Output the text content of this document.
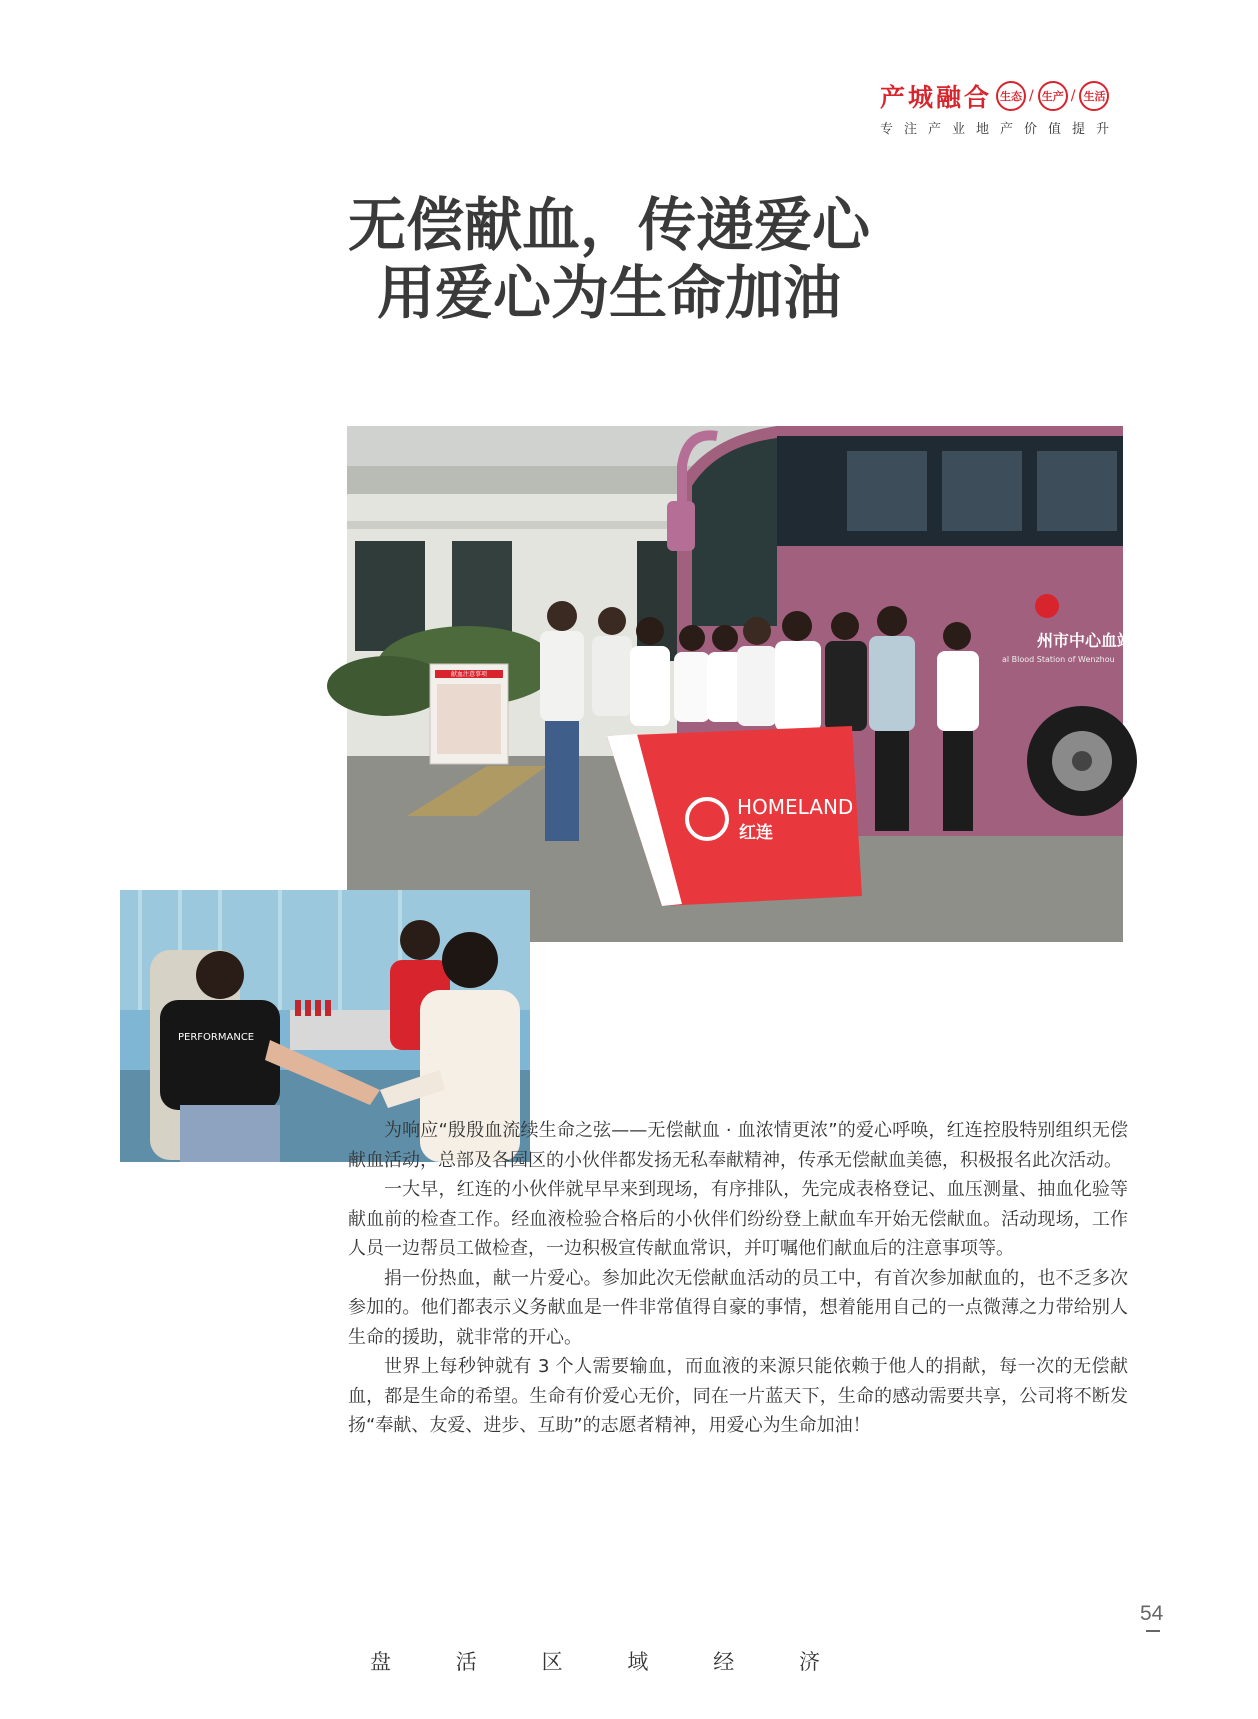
产城融合 生态 / 生产 / 生活
专注产业地产价值提升
无偿献血，传递爱心
用爱心为生命加油
献血注意事项
州市中心血站
al Blood Station of Wenzhou
HOMELAND
红连
PERFORMANCE

为响应“殷殷血流续生命之弦——无偿献血 · 血浓情更浓”的爱心呼唤，红连控股特别组织无偿献血活动，总部及各园区的小伙伴都发扬无私奉献精神，传承无偿献血美德，积极报名此次活动。

一大早，红连的小伙伴就早早来到现场，有序排队，先完成表格登记、血压测量、抽血化验等献血前的检查工作。经血液检验合格后的小伙伴们纷纷登上献血车开始无偿献血。活动现场，工作人员一边帮员工做检查，一边积极宣传献血常识，并叮嘱他们献血后的注意事项等。

捐一份热血，献一片爱心。参加此次无偿献血活动的员工中，有首次参加献血的，也不乏多次参加的。他们都表示义务献血是一件非常值得自豪的事情，想着能用自己的一点微薄之力带给别人生命的援助，就非常的开心。

世界上每秒钟就有 3 个人需要输血，而血液的来源只能依赖于他人的捐献，每一次的无偿献血，都是生命的希望。生命有价爱心无价，同在一片蓝天下，生命的感动需要共享，公司将不断发扬“奉献、友爱、进步、互助”的志愿者精神，用爱心为生命加油！

54
盘	活	区	域	经	济
